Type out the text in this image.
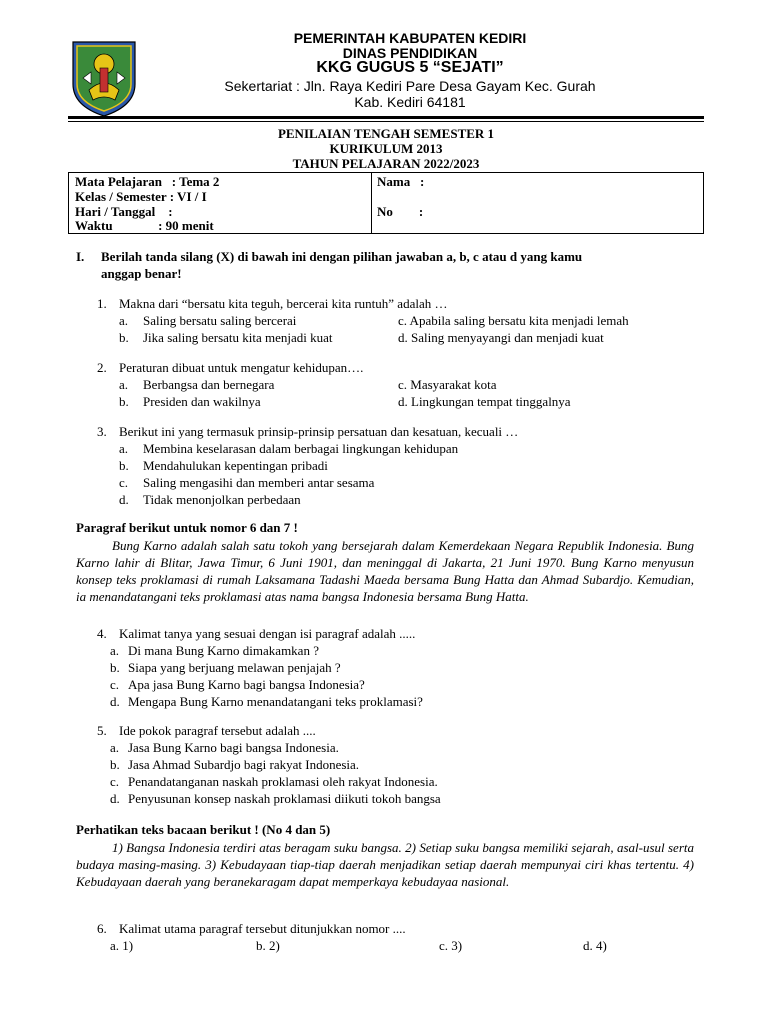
PEMERINTAH KABUPATEN KEDIRI
DINAS PENDIDIKAN
KKG GUGUS 5 “SEJATI”
Sekertariat : Jln. Raya Kediri Pare Desa Gayam Kec. Gurah
Kab. Kediri 64181
PENILAIAN TENGAH SEMESTER 1
KURIKULUM 2013
TAHUN PELAJARAN 2022/2023
Mata Pelajaran   : Tema 2
Kelas / Semester : VI / I
Hari / Tanggal    :
Waktu              : 90 menit
Nama   :
No        :
I. Berilah tanda silang (X) di bawah ini dengan pilihan jawaban a, b, c atau d yang kamu
anggap benar!
1. Makna dari “bersatu kita teguh, bercerai kita runtuh” adalah …
a. Saling bersatu saling bercerai
b. Jika saling bersatu kita menjadi kuat
c. Apabila saling bersatu kita menjadi lemah
d. Saling menyayangi dan menjadi kuat
2. Peraturan dibuat untuk mengatur kehidupan….
a. Berbangsa dan bernegara
b. Presiden dan wakilnya
c. Masyarakat kota
d. Lingkungan tempat tinggalnya
3. Berikut ini yang termasuk prinsip-prinsip persatuan dan kesatuan, kecuali …
a. Membina keselarasan dalam berbagai lingkungan kehidupan
b. Mendahulukan kepentingan pribadi
c. Saling mengasihi dan memberi antar sesama
d. Tidak menonjolkan perbedaan
Paragraf berikut untuk nomor 6 dan 7 !
Bung Karno adalah salah satu tokoh yang bersejarah dalam Kemerdekaan Negara Republik Indonesia. Bung Karno lahir di Blitar, Jawa Timur, 6 Juni 1901, dan meninggal di Jakarta, 21 Juni 1970. Bung Karno menyusun konsep teks proklamasi di rumah Laksamana Tadashi Maeda bersama Bung Hatta dan Ahmad Subardjo. Kemudian, ia menandatangani teks proklamasi atas nama bangsa Indonesia bersama Bung Hatta.
4. Kalimat tanya yang sesuai dengan isi paragraf adalah .....
a. Di mana Bung Karno dimakamkan ?
b. Siapa yang berjuang melawan penjajah ?
c. Apa jasa Bung Karno bagi bangsa Indonesia?
d. Mengapa Bung Karno menandatangani teks proklamasi?
5. Ide pokok paragraf tersebut adalah ....
a. Jasa Bung Karno bagi bangsa Indonesia.
b. Jasa Ahmad Subardjo bagi rakyat Indonesia.
c. Penandatanganan naskah proklamasi oleh rakyat Indonesia.
d. Penyusunan konsep naskah proklamasi diikuti tokoh bangsa
Perhatikan teks bacaan berikut ! (No 4 dan 5)
1) Bangsa Indonesia terdiri atas beragam suku bangsa. 2) Setiap suku bangsa memiliki sejarah, asal-usul serta budaya masing-masing. 3) Kebudayaan tiap-tiap daerah menjadikan setiap daerah mempunyai ciri khas tertentu. 4) Kebudayaan daerah yang beranekaragam dapat memperkaya kebudayaa nasional.
6. Kalimat utama paragraf tersebut ditunjukkan nomor ....
a. 1)	b. 2)	c. 3)	d. 4)
